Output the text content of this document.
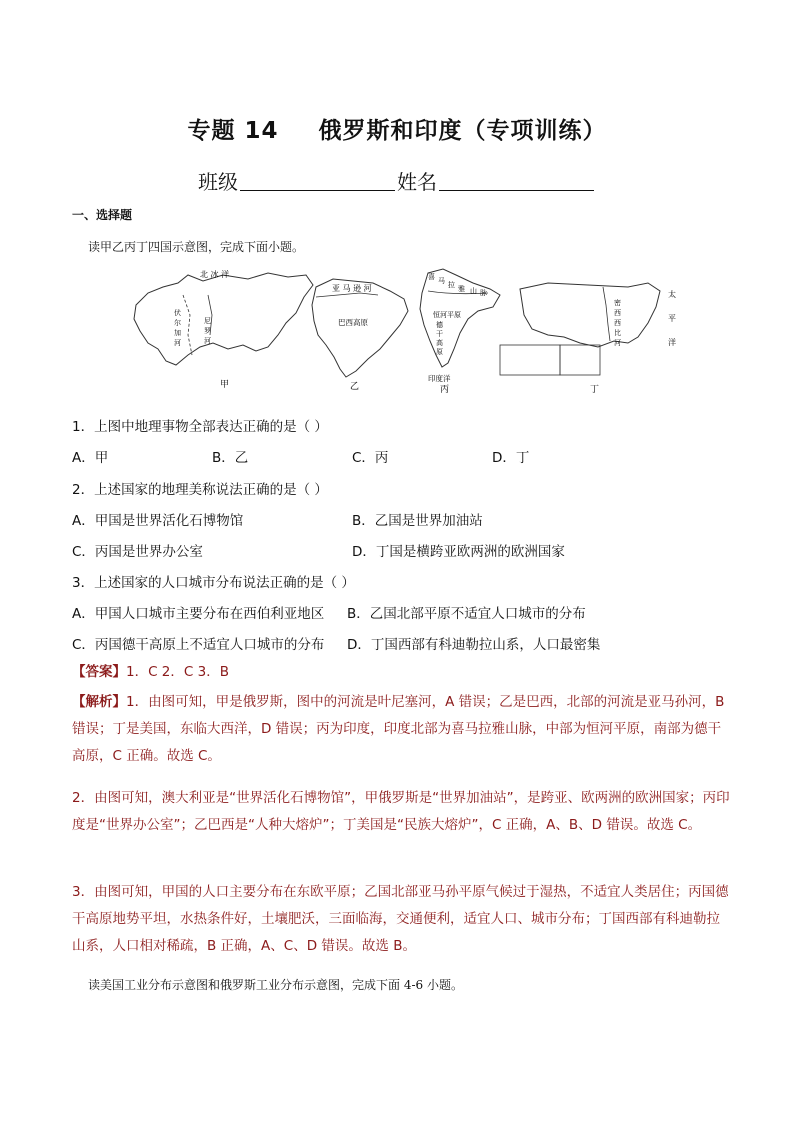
专题 14 俄罗斯和印度（专项训练）
班级	姓名
一、选择题
读甲乙丙丁四国示意图，完成下面小题。
北 冰 洋
伏
尔
加
河
尼
罗
河
甲
亚 马 逊 河
巴西高原
乙
喜 马 拉 雅 山 脉
恒河平原
德
干
高
原
印度洋
丙
太
平
洋
密
西
西
比
河
丁
1．上图中地理事物全部表达正确的是（ ）
A．甲	B．乙	C．丙	D．丁
2．上述国家的地理美称说法正确的是（ ）
A．甲国是世界活化石博物馆	B．乙国是世界加油站
C．丙国是世界办公室	D．丁国是横跨亚欧两洲的欧洲国家
3．上述国家的人口城市分布说法正确的是（ ）
A．甲国人口城市主要分布在西伯利亚地区 B．乙国北部平原不适宜人口城市的分布
C．丙国德干高原上不适宜人口城市的分布 D．丁国西部有科迪勒拉山系，人口最密集
【答案】1．C 2．C 3．B
【解析】1．由图可知，甲是俄罗斯，图中的河流是叶尼塞河，A 错误；乙是巴西，北部的河流是亚马孙河，B 错误；丁是美国，东临大西洋，D 错误；丙为印度，印度北部为喜马拉雅山脉，中部为恒河平原，南部为德干高原，C 正确。故选 C。
2．由图可知，澳大利亚是“世界活化石博物馆”，甲俄罗斯是“世界加油站”，是跨亚、欧两洲的欧洲国家；丙印度是“世界办公室”；乙巴西是“人种大熔炉”；丁美国是“民族大熔炉”，C 正确，A、B、D 错误。故选 C。
3．由图可知，甲国的人口主要分布在东欧平原；乙国北部亚马孙平原气候过于湿热，不适宜人类居住；丙国德干高原地势平坦，水热条件好，土壤肥沃，三面临海，交通便利，适宜人口、城市分布；丁国西部有科迪勒拉山系，人口相对稀疏，B 正确，A、C、D 错误。故选 B。
读美国工业分布示意图和俄罗斯工业分布示意图，完成下面 4-6 小题。
